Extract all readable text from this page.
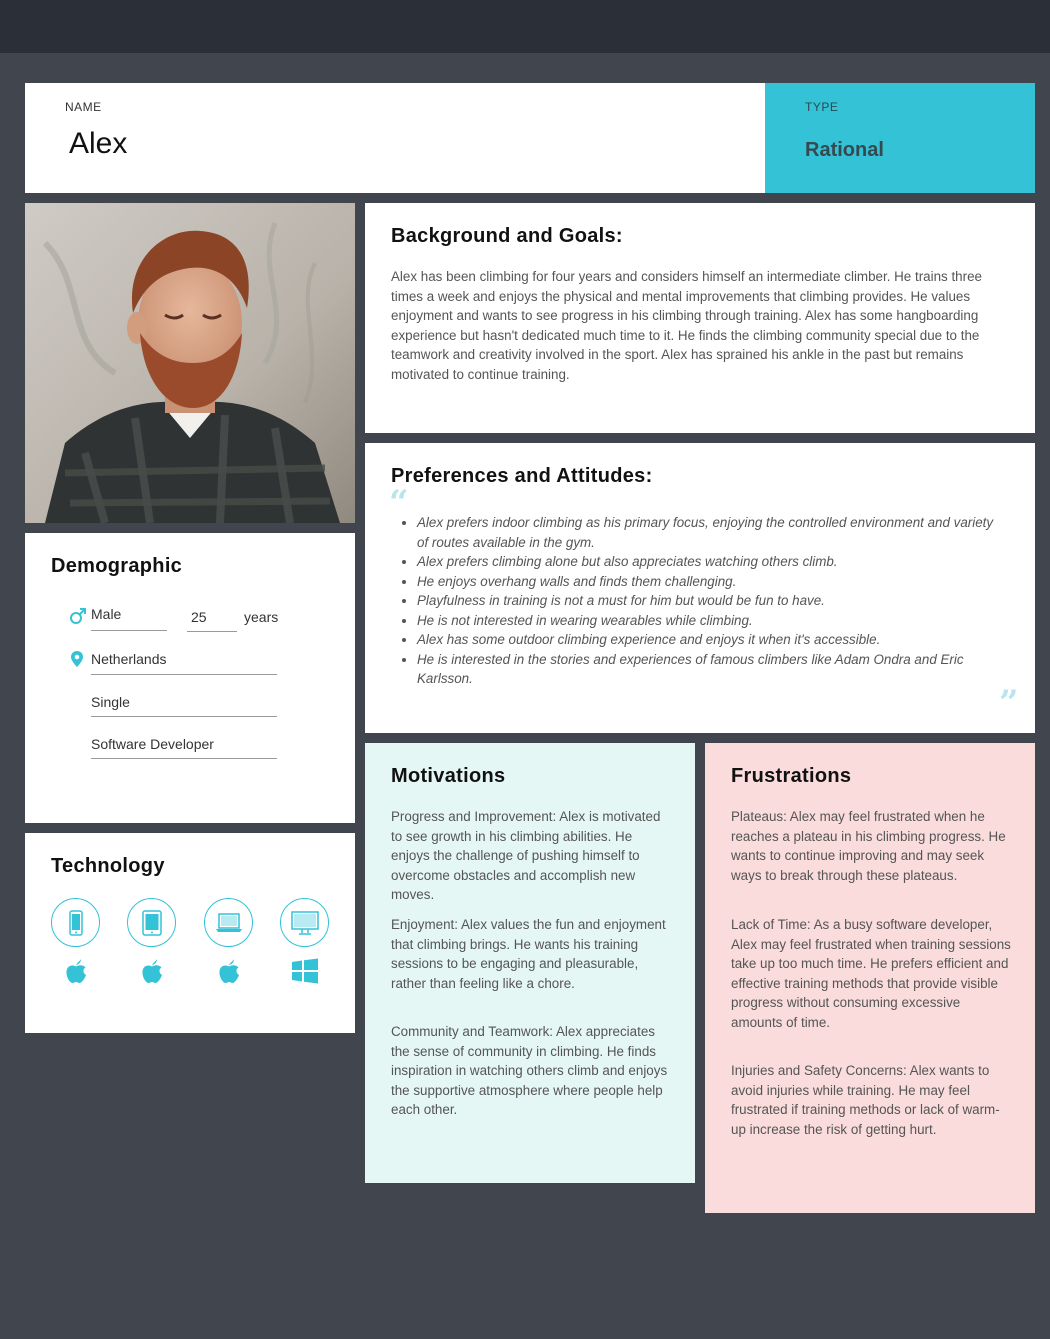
NAME
Alex
TYPE
Rational
Demographic
Male	25	years
Netherlands
Single
Software Developer
Technology
Background and Goals:
Alex has been climbing for four years and considers himself an intermediate climber. He trains three times a week and enjoys the physical and mental improvements that climbing provides. He values enjoyment and wants to see progress in his climbing through training. Alex has some hangboarding experience but hasn't dedicated much time to it. He finds the climbing community special due to the teamwork and creativity involved in the sport. Alex has sprained his ankle in the past but remains motivated to continue training.
Preferences and Attitudes:
“
• Alex prefers indoor climbing as his primary focus, enjoying the controlled environment and variety of routes available in the gym.
• Alex prefers climbing alone but also appreciates watching others climb.
• He enjoys overhang walls and finds them challenging.
• Playfulness in training is not a must for him but would be fun to have.
• He is not interested in wearing wearables while climbing.
• Alex has some outdoor climbing experience and enjoys it when it's accessible.
• He is interested in the stories and experiences of famous climbers like Adam Ondra and Eric Karlsson.
”
Motivations
Progress and Improvement: Alex is motivated to see growth in his climbing abilities. He enjoys the challenge of pushing himself to overcome obstacles and accomplish new moves.
Enjoyment: Alex values the fun and enjoyment that climbing brings. He wants his training sessions to be engaging and pleasurable, rather than feeling like a chore.
Community and Teamwork: Alex appreciates the sense of community in climbing. He finds inspiration in watching others climb and enjoys the supportive atmosphere where people help each other.
Frustrations
Plateaus: Alex may feel frustrated when he reaches a plateau in his climbing progress. He wants to continue improving and may seek ways to break through these plateaus.
Lack of Time: As a busy software developer, Alex may feel frustrated when training sessions take up too much time. He prefers efficient and effective training methods that provide visible progress without consuming excessive amounts of time.
Injuries and Safety Concerns: Alex wants to avoid injuries while training. He may feel frustrated if training methods or lack of warm-up increase the risk of getting hurt.
